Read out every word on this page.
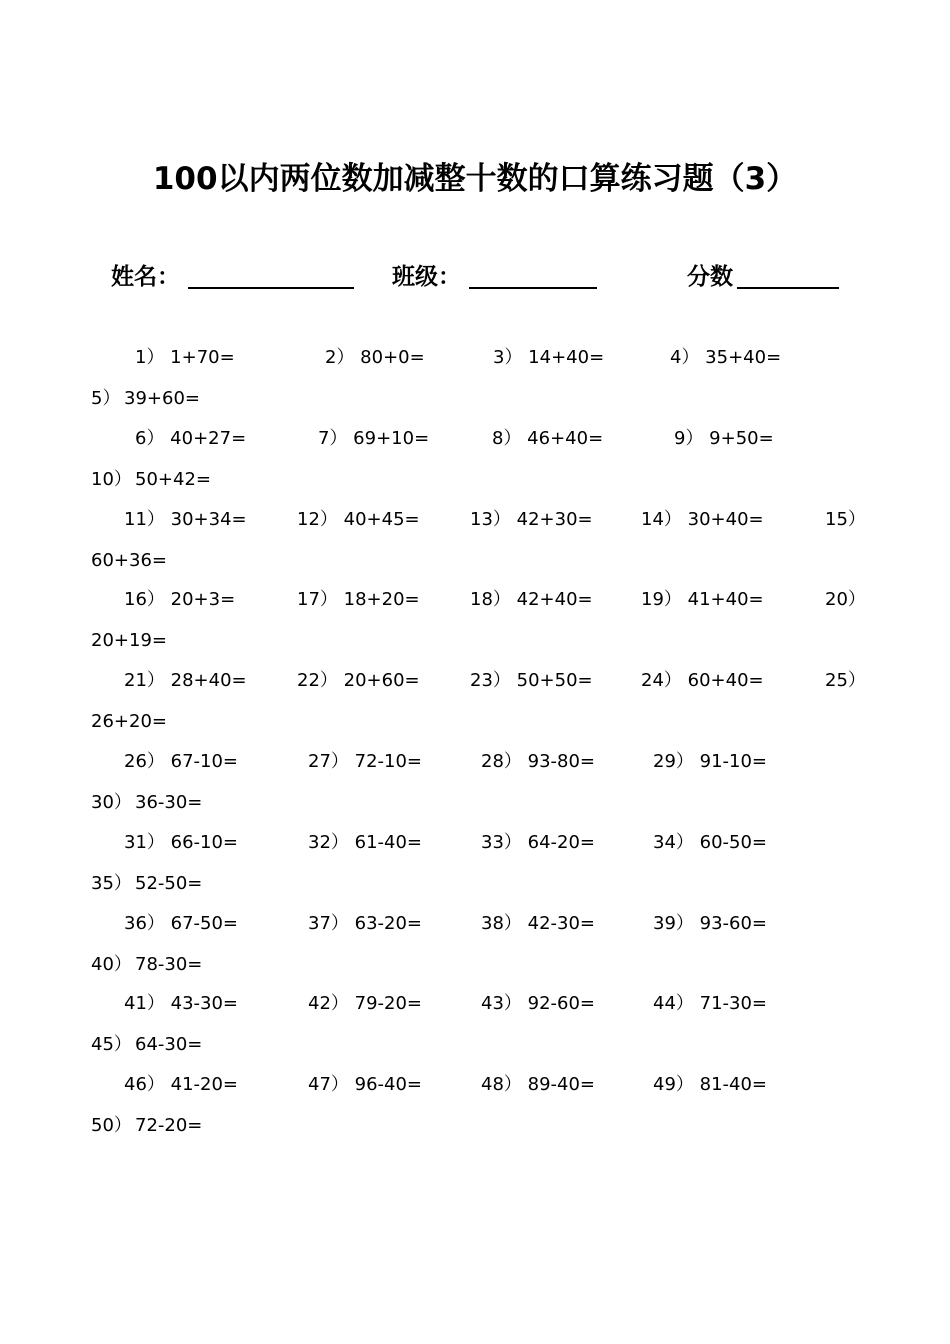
100以内两位数加减整十数的口算练习题（3）
姓名：	班级：	分数
1） 1+70=	2） 80+0=	3） 14+40=	4） 35+40=
5） 39+60=
6） 40+27=	7） 69+10=	8） 46+40=	9） 9+50=
10） 50+42=
11） 30+34=	12） 40+45=	13） 42+30=	14） 30+40=	15）
60+36=
16） 20+3=	17） 18+20=	18） 42+40=	19） 41+40=	20）
20+19=
21） 28+40=	22） 20+60=	23） 50+50=	24） 60+40=	25）
26+20=
26） 67-10=	27） 72-10=	28） 93-80=	29） 91-10=
30） 36-30=
31） 66-10=	32） 61-40=	33） 64-20=	34） 60-50=
35） 52-50=
36） 67-50=	37） 63-20=	38） 42-30=	39） 93-60=
40） 78-30=
41） 43-30=	42） 79-20=	43） 92-60=	44） 71-30=
45） 64-30=
46） 41-20=	47） 96-40=	48） 89-40=	49） 81-40=
50） 72-20=
